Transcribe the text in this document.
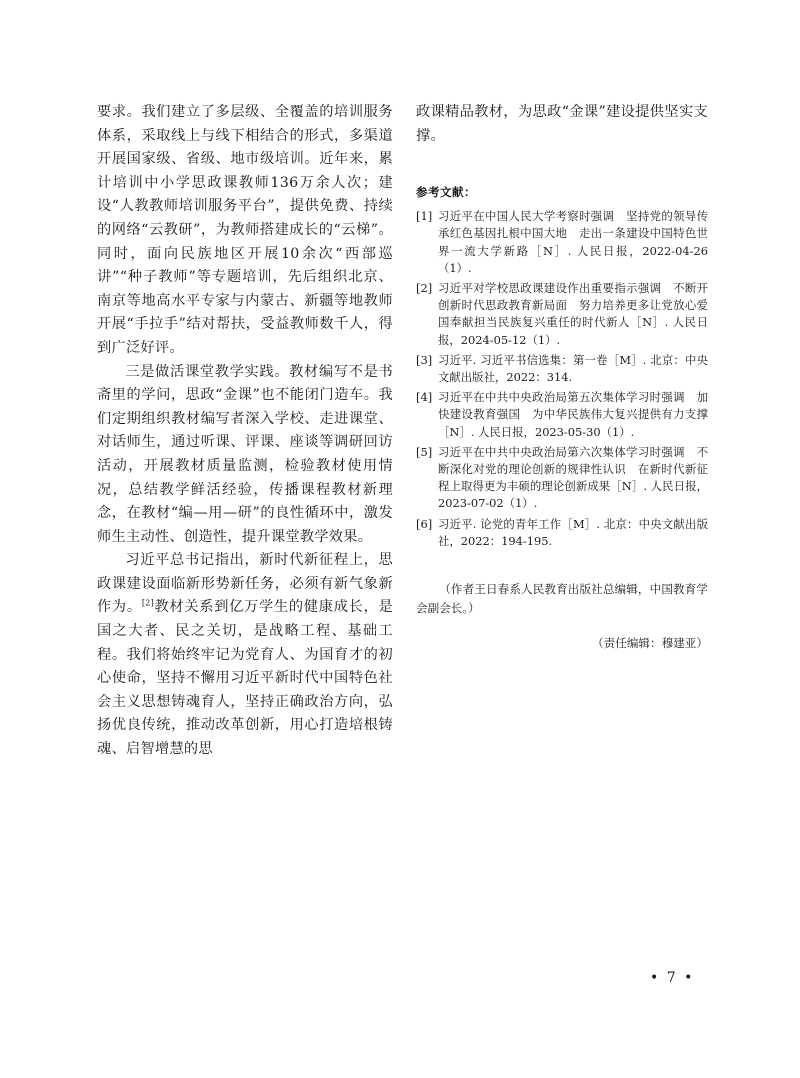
要求。我们建立了多层级、全覆盖的培训服务体系，采取线上与线下相结合的形式，多渠道开展国家级、省级、地市级培训。近年来，累计培训中小学思政课教师136万余人次；建设“人教教师培训服务平台”，提供免费、持续的网络“云教研”，为教师搭建成长的“云梯”。同时，面向民族地区开展10余次“西部巡讲”“种子教师”等专题培训，先后组织北京、南京等地高水平专家与内蒙古、新疆等地教师开展“手拉手”结对帮扶，受益教师数千人，得到广泛好评。

三是做活课堂教学实践。教材编写不是书斋里的学问，思政“金课”也不能闭门造车。我们定期组织教材编写者深入学校、走进课堂、对话师生，通过听课、评课、座谈等调研回访活动，开展教材质量监测，检验教材使用情况，总结教学鲜活经验，传播课程教材新理念，在教材“编—用—研”的良性循环中，激发师生主动性、创造性，提升课堂教学效果。

习近平总书记指出，新时代新征程上，思政课建设面临新形势新任务，必须有新气象新作为。[2]教材关系到亿万学生的健康成长，是国之大者、民之关切，是战略工程、基础工程。我们将始终牢记为党育人、为国育才的初心使命，坚持不懈用习近平新时代中国特色社会主义思想铸魂育人，坚持正确政治方向，弘扬优良传统，推动改革创新，用心打造培根铸魂、启智增慧的思

政课精品教材，为思政“金课”建设提供坚实支撑。

参考文献：
[1] 习近平在中国人民大学考察时强调　坚持党的领导传承红色基因扎根中国大地　走出一条建设中国特色世界一流大学新路［N］. 人民日报，2022-04-26（1）.
[2] 习近平对学校思政课建设作出重要指示强调　不断开创新时代思政教育新局面　努力培养更多让党放心爱国奉献担当民族复兴重任的时代新人［N］. 人民日报，2024-05-12（1）.
[3] 习近平. 习近平书信选集：第一卷［M］. 北京：中央文献出版社，2022：314.
[4] 习近平在中共中央政治局第五次集体学习时强调　加快建设教育强国　为中华民族伟大复兴提供有力支撑［N］. 人民日报，2023-05-30（1）.
[5] 习近平在中共中央政治局第六次集体学习时强调　不断深化对党的理论创新的规律性认识　在新时代新征程上取得更为丰硕的理论创新成果［N］. 人民日报，2023-07-02（1）.
[6] 习近平. 论党的青年工作［M］. 北京：中央文献出版社，2022：194-195.
（作者王日春系人民教育出版社总编辑，中国教育学会副会长。）
（责任编辑：穆建亚）
• 7 •
